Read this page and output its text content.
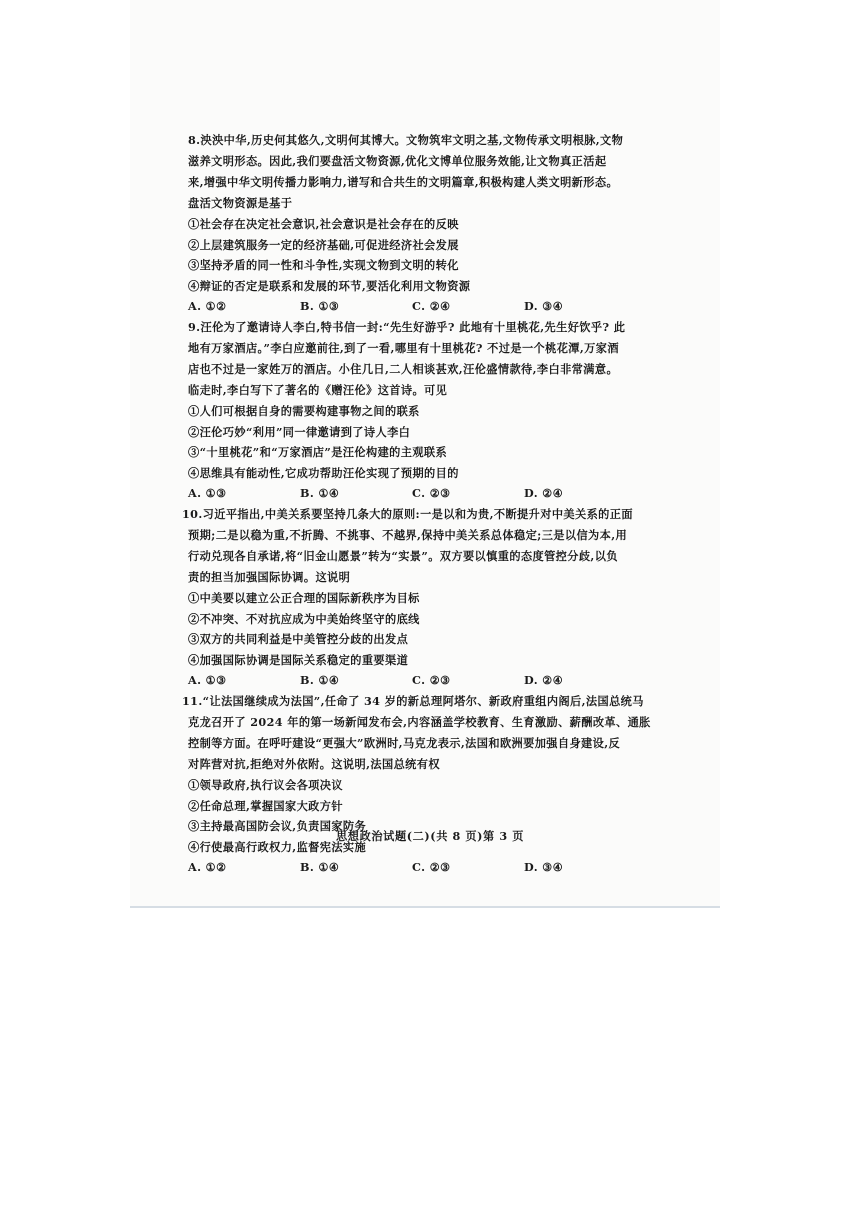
8.泱泱中华,历史何其悠久,文明何其博大。文物筑牢文明之基,文物传承文明根脉,文物
滋养文明形态。因此,我们要盘活文物资源,优化文博单位服务效能,让文物真正活起
来,增强中华文明传播力影响力,谱写和合共生的文明篇章,积极构建人类文明新形态。
盘活文物资源是基于
①社会存在决定社会意识,社会意识是社会存在的反映
②上层建筑服务一定的经济基础,可促进经济社会发展
③坚持矛盾的同一性和斗争性,实现文物到文明的转化
④辩证的否定是联系和发展的环节,要活化利用文物资源
A. ①②	B. ①③	C. ②④	D. ③④
9.汪伦为了邀请诗人李白,特书信一封:“先生好游乎? 此地有十里桃花,先生好饮乎? 此
地有万家酒店。”李白应邀前往,到了一看,哪里有十里桃花? 不过是一个桃花潭,万家酒
店也不过是一家姓万的酒店。小住几日,二人相谈甚欢,汪伦盛情款待,李白非常满意。
临走时,李白写下了著名的《赠汪伦》这首诗。可见
①人们可根据自身的需要构建事物之间的联系
②汪伦巧妙“利用”同一律邀请到了诗人李白
③“十里桃花”和“万家酒店”是汪伦构建的主观联系
④思维具有能动性,它成功帮助汪伦实现了预期的目的
A. ①③	B. ①④	C. ②③	D. ②④
10.习近平指出,中美关系要坚持几条大的原则:一是以和为贵,不断提升对中美关系的正面
预期;二是以稳为重,不折腾、不挑事、不越界,保持中美关系总体稳定;三是以信为本,用
行动兑现各自承诺,将“旧金山愿景”转为“实景”。双方要以慎重的态度管控分歧,以负
责的担当加强国际协调。这说明
①中美要以建立公正合理的国际新秩序为目标
②不冲突、不对抗应成为中美始终坚守的底线
③双方的共同利益是中美管控分歧的出发点
④加强国际协调是国际关系稳定的重要渠道
A. ①③	B. ①④	C. ②③	D. ②④
11.“让法国继续成为法国”,任命了 34 岁的新总理阿塔尔、新政府重组内阁后,法国总统马
克龙召开了 2024 年的第一场新闻发布会,内容涵盖学校教育、生育激励、薪酬改革、通胀
控制等方面。在呼吁建设“更强大”欧洲时,马克龙表示,法国和欧洲要加强自身建设,反
对阵营对抗,拒绝对外依附。这说明,法国总统有权
①领导政府,执行议会各项决议
②任命总理,掌握国家大政方针
③主持最高国防会议,负责国家防务
④行使最高行政权力,监督宪法实施
A. ①②	B. ①④	C. ②③	D. ③④
思想政治试题(二)(共 8 页)第 3 页
